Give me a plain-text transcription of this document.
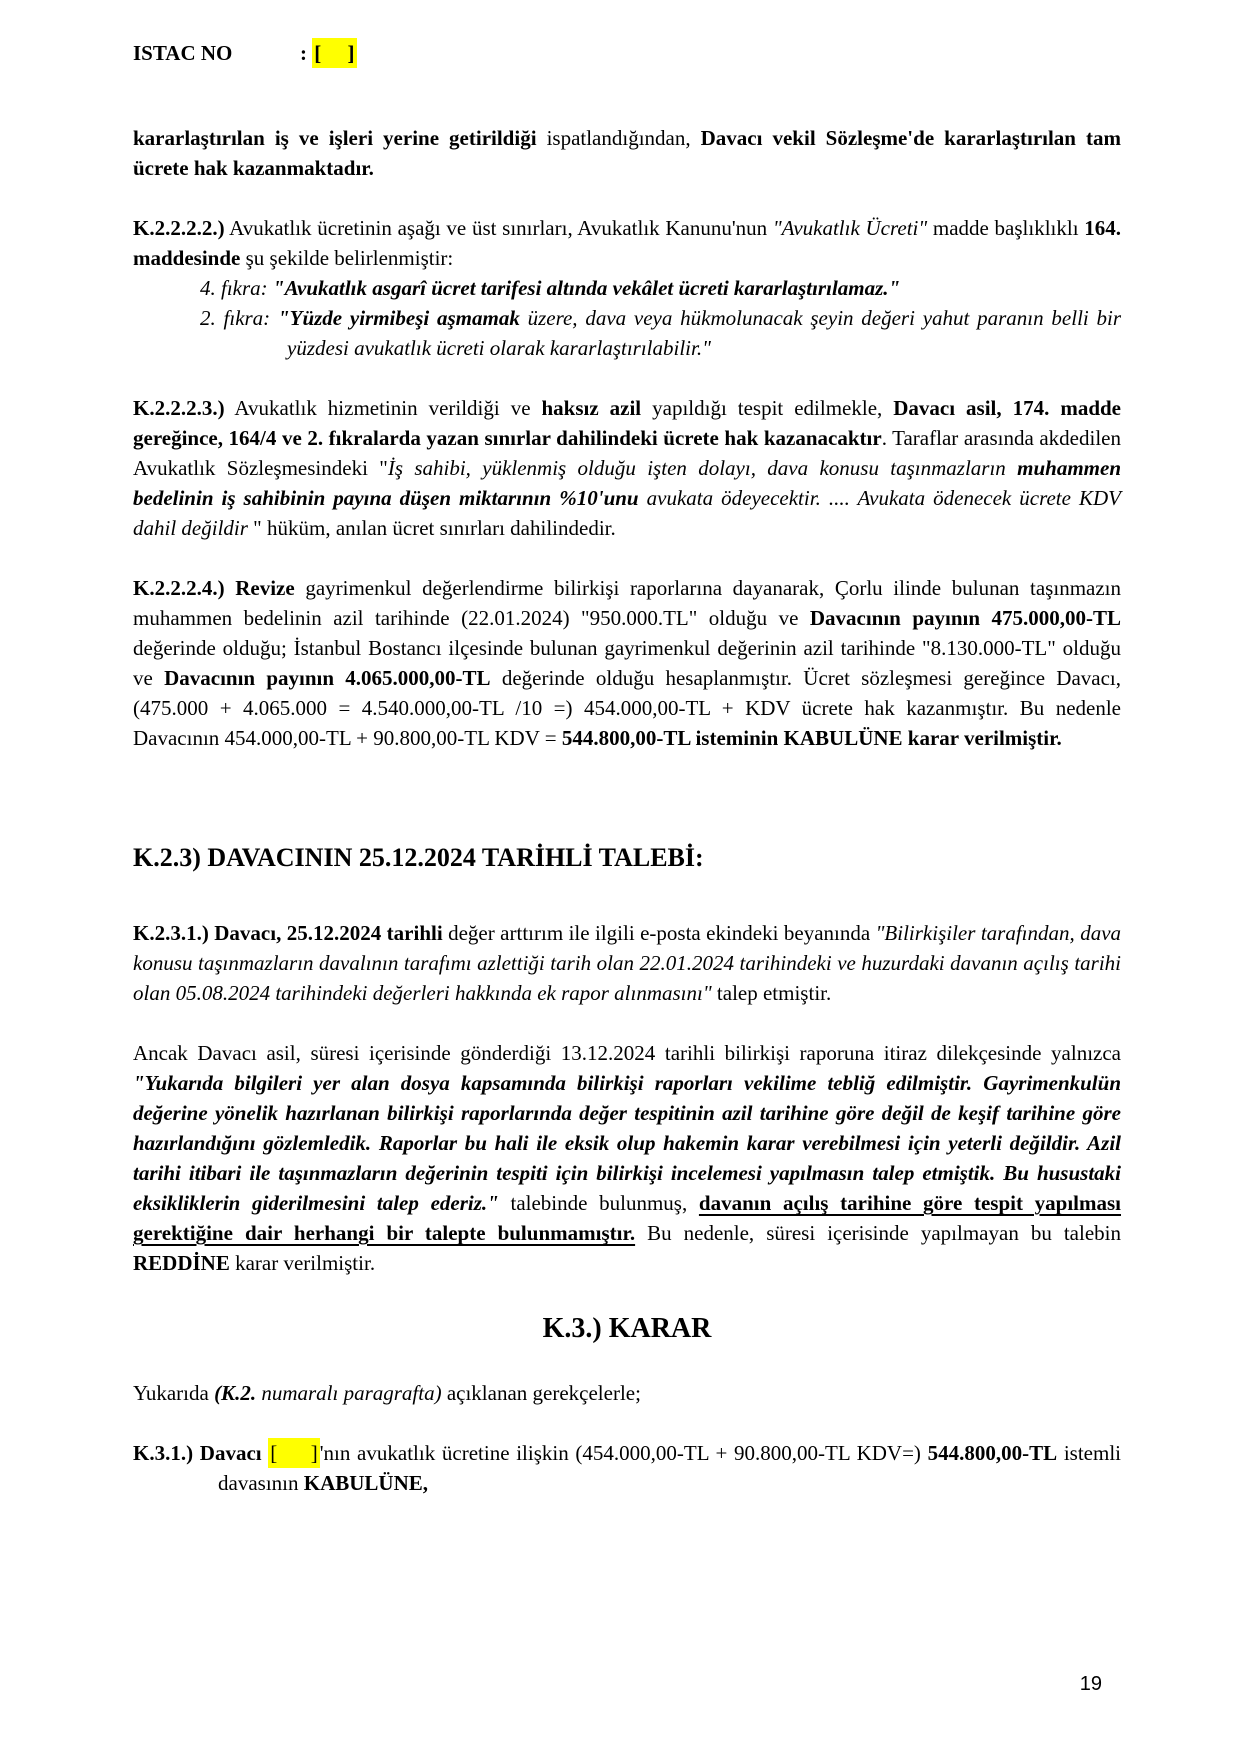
ISTAC NO	: [     ]

kararlaştırılan iş ve işleri yerine getirildiği ispatlandığından, Davacı vekil Sözleşme'de kararlaştırılan tam ücrete hak kazanmaktadır.

K.2.2.2.2.) Avukatlık ücretinin aşağı ve üst sınırları, Avukatlık Kanunu'nun "Avukatlık Ücreti" madde başlıklıklı 164. maddesinde şu şekilde belirlenmiştir:

4. fıkra: "Avukatlık asgarî ücret tarifesi altında vekâlet ücreti kararlaştırılamaz."

2. fıkra: "Yüzde yirmibeşi aşmamak üzere, dava veya hükmolunacak şeyin değeri yahut paranın belli bir yüzdesi avukatlık ücreti olarak kararlaştırılabilir."

K.2.2.2.3.) Avukatlık hizmetinin verildiği ve haksız azil yapıldığı tespit edilmekle, Davacı asil, 174. madde gereğince, 164/4 ve 2. fıkralarda yazan sınırlar dahilindeki ücrete hak kazanacaktır. Taraflar arasında akdedilen Avukatlık Sözleşmesindeki "İş sahibi, yüklenmiş olduğu işten dolayı, dava konusu taşınmazların muhammen bedelinin iş sahibinin payına düşen miktarının %10'unu avukata ödeyecektir. .... Avukata ödenecek ücrete KDV dahil değildir " hüküm, anılan ücret sınırları dahilindedir.

K.2.2.2.4.) Revize gayrimenkul değerlendirme bilirkişi raporlarına dayanarak, Çorlu ilinde bulunan taşınmazın muhammen bedelinin azil tarihinde (22.01.2024) "950.000.TL" olduğu ve Davacının payının 475.000,00-TL değerinde olduğu; İstanbul Bostancı ilçesinde bulunan gayrimenkul değerinin azil tarihinde "8.130.000-TL" olduğu ve Davacının payının 4.065.000,00-TL değerinde olduğu hesaplanmıştır. Ücret sözleşmesi gereğince Davacı, (475.000 + 4.065.000 = 4.540.000,00-TL /10 =) 454.000,00-TL + KDV ücrete hak kazanmıştır. Bu nedenle Davacının 454.000,00-TL + 90.800,00-TL KDV = 544.800,00-TL isteminin KABULÜNE karar verilmiştir.

K.2.3) DAVACININ 25.12.2024 TARİHLİ TALEBİ:

K.2.3.1.) Davacı, 25.12.2024 tarihli değer arttırım ile ilgili e-posta ekindeki beyanında "Bilirkişiler tarafından, dava konusu taşınmazların davalının tarafımı azlettiği tarih olan 22.01.2024 tarihindeki ve huzurdaki davanın açılış tarihi olan 05.08.2024 tarihindeki değerleri hakkında ek rapor alınmasını" talep etmiştir.

Ancak Davacı asil, süresi içerisinde gönderdiği 13.12.2024 tarihli bilirkişi raporuna itiraz dilekçesinde yalnızca "Yukarıda bilgileri yer alan dosya kapsamında bilirkişi raporları vekilime tebliğ edilmiştir. Gayrimenkulün değerine yönelik hazırlanan bilirkişi raporlarında değer tespitinin azil tarihine göre değil de keşif tarihine göre hazırlandığını gözlemledik. Raporlar bu hali ile eksik olup hakemin karar verebilmesi için yeterli değildir. Azil tarihi itibari ile taşınmazların değerinin tespiti için bilirkişi incelemesi yapılmasın talep etmiştik. Bu husustaki eksikliklerin giderilmesini talep ederiz." talebinde bulunmuş, davanın açılış tarihine göre tespit yapılması gerektiğine dair herhangi bir talepte bulunmamıştır. Bu nedenle, süresi içerisinde yapılmayan bu talebin REDDİNE karar verilmiştir.

K.3.) KARAR

Yukarıda (K.2. numaralı paragrafta) açıklanan gerekçelerle;

K.3.1.) Davacı [     ]'nın avukatlık ücretine ilişkin (454.000,00-TL + 90.800,00-TL KDV=) 544.800,00-TL istemli davasının KABULÜNE,

19
